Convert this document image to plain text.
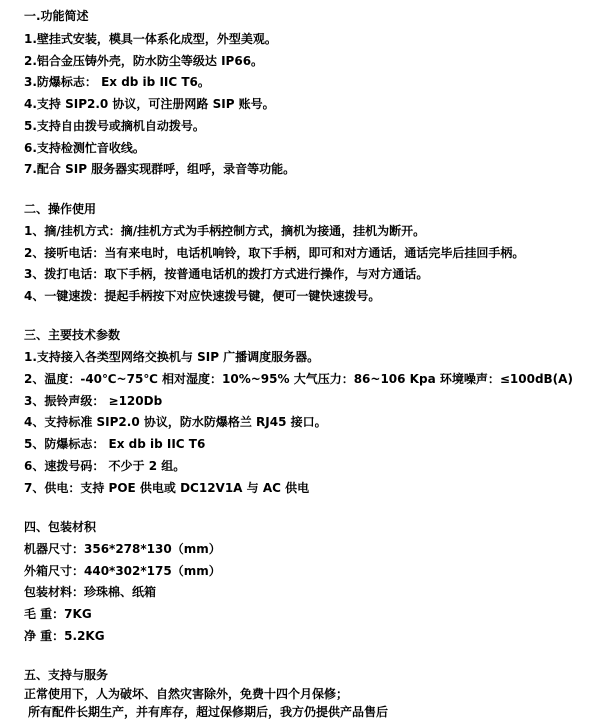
一.功能简述
1.壁挂式安装，模具一体系化成型，外型美观。
2.铝合金压铸外壳，防水防尘等级达 IP66。
3.防爆标志： Ex db ib IIC T6。
4.支持 SIP2.0 协议，可注册网路 SIP 账号。
5.支持自由拨号或摘机自动拨号。
6.支持检测忙音收线。
7.配合 SIP 服务器实现群呼，组呼，录音等功能。
二、操作使用
1、摘/挂机方式：摘/挂机方式为手柄控制方式，摘机为接通，挂机为断开。
2、接听电话：当有来电时，电话机响铃，取下手柄，即可和对方通话，通话完毕后挂回手柄。
3、拨打电话：取下手柄，按普通电话机的拨打方式进行操作，与对方通话。
4、一键速拨：提起手柄按下对应快速拨号键，便可一键快速拨号。
三、主要技术参数
1.支持接入各类型网络交换机与 SIP 广播调度服务器。
2、温度：-40℃~75℃ 相对湿度：10%~95% 大气压力：86~106 Kpa 环境噪声：≤100dB(A)
3、振铃声级： ≥120Db
4、支持标准 SIP2.0 协议，防水防爆格兰 RJ45 接口。
5、防爆标志： Ex db ib IIC T6
6、速拨号码： 不少于 2 组。
7、供电：支持 POE 供电或 DC12V1A 与 AC 供电
四、包装材积
机器尺寸：356*278*130（mm）
外箱尺寸：440*302*175（mm）
包装材料：珍珠棉、纸箱
毛 重：7KG
净 重：5.2KG
五、支持与服务
正常使用下，人为破坏、自然灾害除外，免费十四个月保修；
所有配件长期生产，并有库存，超过保修期后，我方仍提供产品售后
